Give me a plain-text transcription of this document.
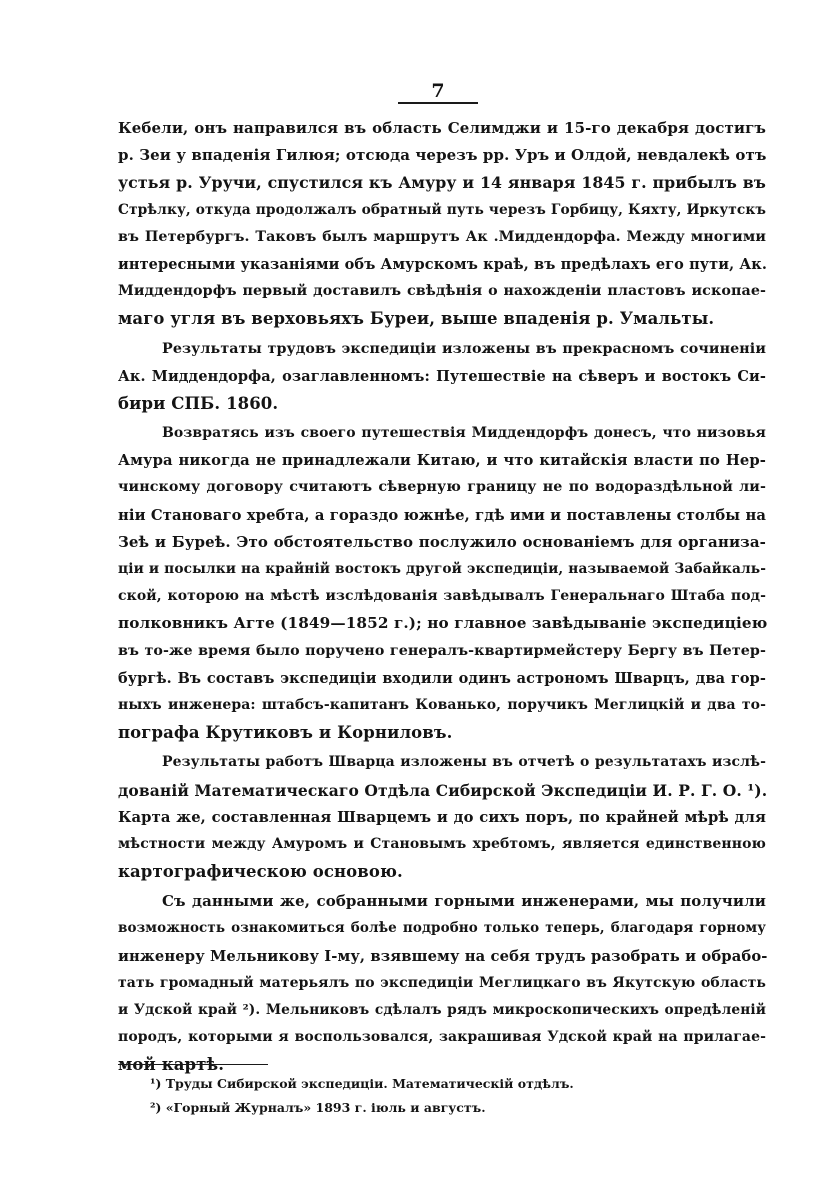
7
Кебели, онъ направился въ область Селимджи и 15-го декабря достигъ
р. Зеи у впаденія Гилюя; отсюда черезъ рр. Уръ и Олдой, невдалекѣ отъ
устья р. Уручи, спустился къ Амуру и 14 января 1845 г. прибылъ въ
Стрѣлку, откуда продолжалъ обратный путь черезъ Горбицу, Кяхту, Иркутскъ
въ Петербургъ. Таковъ былъ маршрутъ Ак .Миддендорфа. Между многими
интересными указаніями объ Амурскомъ краѣ, въ предѣлахъ его пути, Ак.
Миддендорфъ первый доставилъ свѣдѣнія о нахожденіи пластовъ ископае-
маго угля въ верховьяхъ Буреи, выше впаденія р. Умальты.
Результаты трудовъ экспедиціи изложены въ прекрасномъ сочиненіи
Ак. Миддендорфа, озаглавленномъ: Путешествіе на сѣверъ и востокъ Си-
бири СПБ. 1860.
Возвратясь изъ своего путешествія Миддендорфъ донесъ, что низовья
Амура никогда не принадлежали Китаю, и что китайскія власти по Нер-
чинскому договору считаютъ сѣверную границу не по водораздѣльной ли-
ніи Становаго хребта, а гораздо южнѣе, гдѣ ими и поставлены столбы на
Зеѣ и Буреѣ. Это обстоятельство послужило основаніемъ для организа-
ціи и посылки на крайній востокъ другой экспедиціи, называемой Забайкаль-
ской, которою на мѣстѣ изслѣдованія завѣдывалъ Генеральнаго Штаба под-
полковникъ Агте (1849—1852 г.); но главное завѣдываніе экспедиціею
въ то-же время было поручено генералъ-квартирмейстеру Бергу въ Петер-
бургѣ. Въ составъ экспедиціи входили одинъ астрономъ Шварцъ, два гор-
ныхъ инженера: штабсъ-капитанъ Кованько, поручикъ Меглицкій и два то-
пографа Крутиковъ и Корниловъ.
Результаты работъ Шварца изложены въ отчетѣ о результатахъ изслѣ-
дованій Математическаго Отдѣла Сибирской Экспедиціи И. Р. Г. О. ¹).
Карта же, составленная Шварцемъ и до сихъ поръ, по крайней мѣрѣ для
мѣстности между Амуромъ и Становымъ хребтомъ, является единственною
картографическою основою.
Съ данными же, собранными горными инженерами, мы получили
возможность ознакомиться болѣе подробно только теперь, благодаря горному
инженеру Мельникову I-му, взявшему на себя трудъ разобрать и обрабо-
тать громадный матерьялъ по экспедиціи Меглицкаго въ Якутскую область
и Удской край ²). Мельниковъ сдѣлалъ рядъ микроскопическихъ опредѣленій
породъ, которыми я воспользовался, закрашивая Удской край на прилагае-
мой картѣ.
¹) Труды Сибирской экспедиціи. Математическій отдѣлъ.
²) «Горный Журналъ» 1893 г. іюль и августъ.
